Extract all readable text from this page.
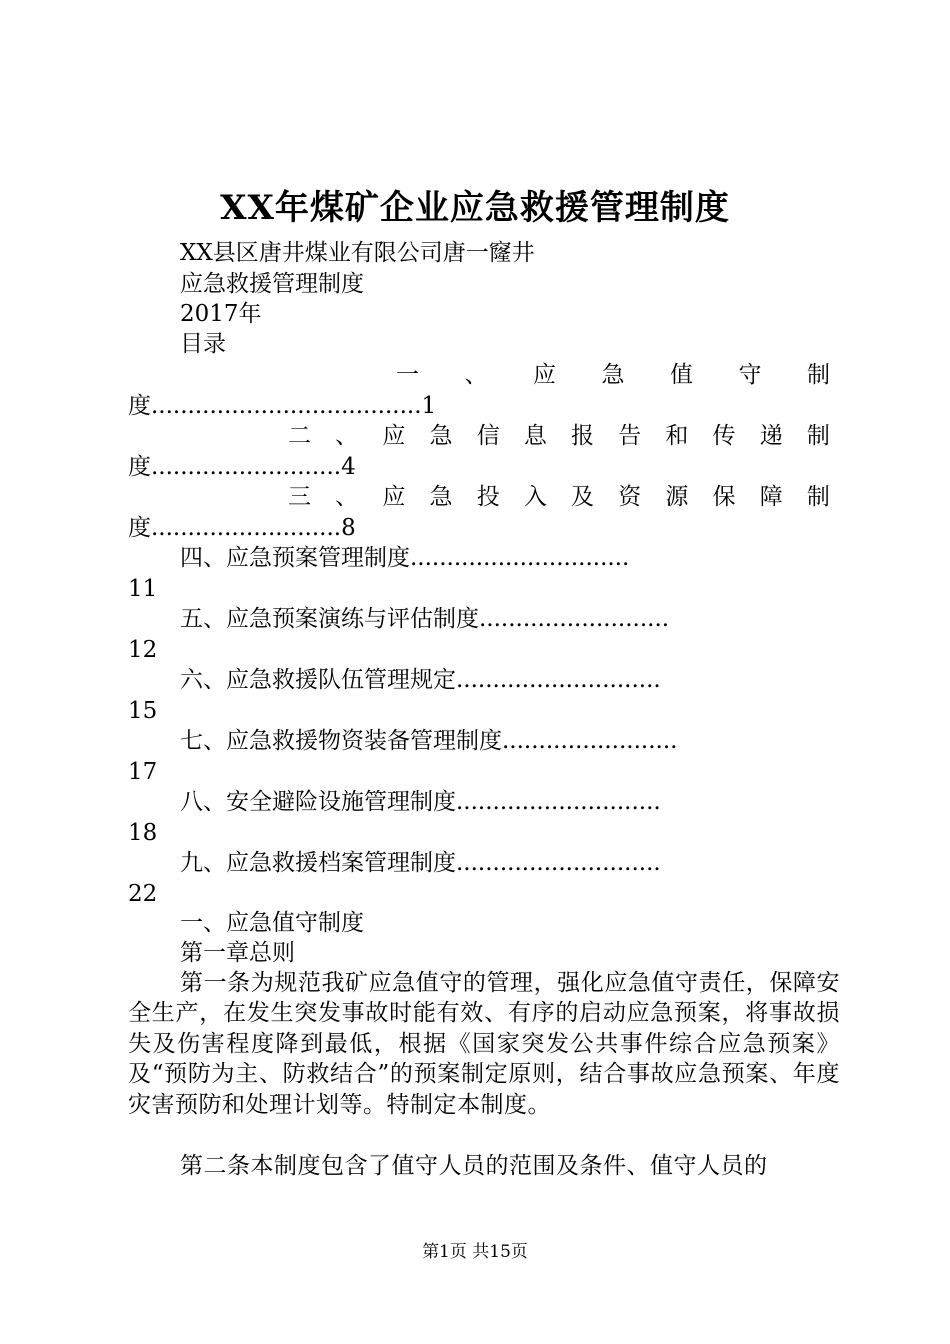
XX年煤矿企业应急救援管理制度
XX县区唐井煤业有限公司唐一窿井
应急救援管理制度
2017年
目录
一 、 应 急 值 守 制
度.....................................1
二 、 应 急 信 息 报 告 和 传 递 制
度..........................4
三 、 应 急 投 入 及 资 源 保 障 制
度..........................8
四、应急预案管理制度..............................
11
五、应急预案演练与评估制度..........................
12
六、应急救援队伍管理规定............................
15
七、应急救援物资装备管理制度........................
17
八、安全避险设施管理制度............................
18
九、应急救援档案管理制度............................
22
一、应急值守制度
第一章总则
第一条为规范我矿应急值守的管理，强化应急值守责任，保障安全生产，在发生突发事故时能有效、有序的启动应急预案，将事故损失及伤害程度降到最低，根据《国家突发公共事件综合应急预案》及“预防为主、防救结合”的预案制定原则，结合事故应急预案、年度灾害预防和处理计划等。特制定本制度。
第二条本制度包含了值守人员的范围及条件、值守人员的
第1页 共15页
